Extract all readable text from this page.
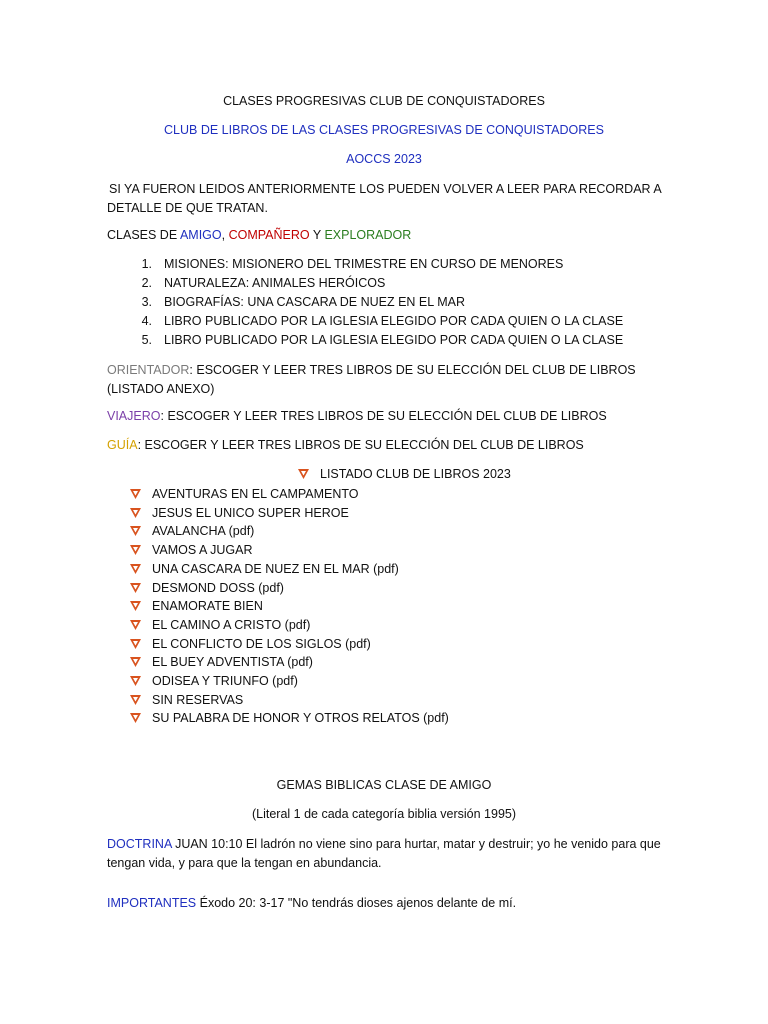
CLASES PROGRESIVAS CLUB DE CONQUISTADORES
CLUB DE LIBROS DE LAS CLASES PROGRESIVAS DE CONQUISTADORES
AOCCS 2023
SI YA FUERON LEIDOS ANTERIORMENTE LOS PUEDEN VOLVER A LEER PARA RECORDAR A DETALLE DE QUE TRATAN.
CLASES DE AMIGO, COMPAÑERO Y EXPLORADOR
1. MISIONES: MISIONERO DEL TRIMESTRE EN CURSO DE MENORES
2. NATURALEZA: ANIMALES HERÓICOS
3. BIOGRAFÍAS: UNA CASCARA DE NUEZ EN EL MAR
4. LIBRO PUBLICADO POR LA IGLESIA ELEGIDO POR CADA QUIEN O LA CLASE
5. LIBRO PUBLICADO POR LA IGLESIA ELEGIDO POR CADA QUIEN O LA CLASE
ORIENTADOR: ESCOGER Y LEER TRES LIBROS DE SU ELECCIÓN DEL CLUB DE LIBROS (LISTADO ANEXO)
VIAJERO: ESCOGER Y LEER TRES LIBROS DE SU ELECCIÓN DEL CLUB DE LIBROS
GUÍA: ESCOGER Y LEER TRES LIBROS DE SU ELECCIÓN DEL CLUB DE LIBROS
LISTADO CLUB DE LIBROS 2023
AVENTURAS EN EL CAMPAMENTO
JESUS EL UNICO SUPER HEROE
AVALANCHA (pdf)
VAMOS A JUGAR
UNA CASCARA DE NUEZ EN EL MAR (pdf)
DESMOND DOSS (pdf)
ENAMORATE BIEN
EL CAMINO A CRISTO (pdf)
EL CONFLICTO DE LOS SIGLOS (pdf)
EL BUEY ADVENTISTA (pdf)
ODISEA Y TRIUNFO (pdf)
SIN RESERVAS
SU PALABRA DE HONOR Y OTROS RELATOS (pdf)
GEMAS BIBLICAS CLASE DE AMIGO
(Literal 1 de cada categoría biblia versión 1995)
DOCTRINA JUAN 10:10 El ladrón no viene sino para hurtar, matar y destruir; yo he venido para que tengan vida, y para que la tengan en abundancia.
IMPORTANTES Éxodo 20: 3-17 "No tendrás dioses ajenos delante de mí.
